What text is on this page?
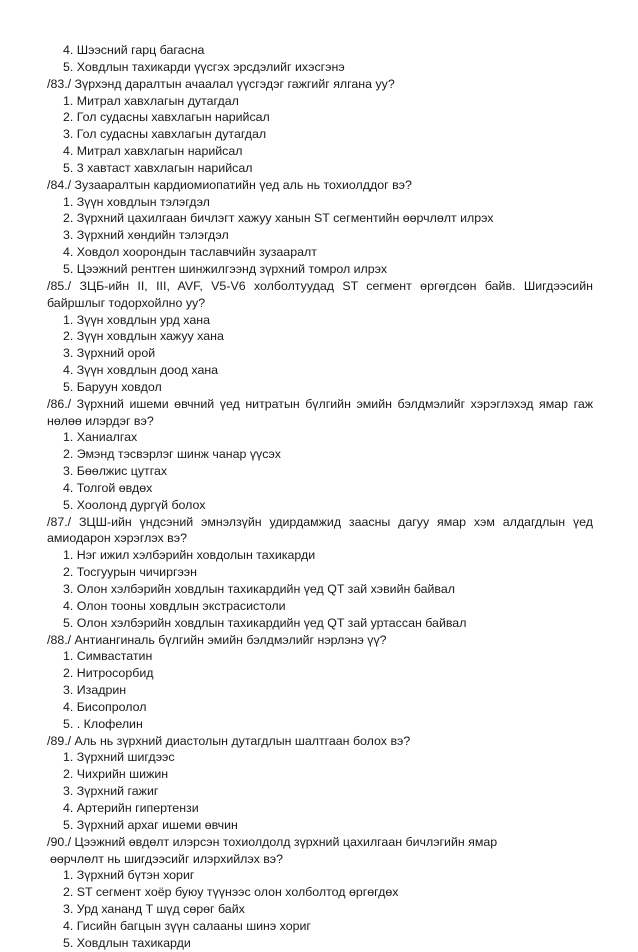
4. Шээсний гарц багасна
5. Ховдлын тахикарди үүсгэх эрсдэлийг ихэсгэнэ
/83./ Зүрхэнд даралтын ачаалал үүсгэдэг гажгийг ялгана уу?
1. Митрал хавхлагын дутагдал
2. Гол судасны хавхлагын нарийсал
3. Гол судасны хавхлагын дутагдал
4. Митрал хавхлагын нарийсал
5. 3 хавтаст хавхлагын нарийсал
/84./ Зузааралтын кардиомиопатийн үед аль нь тохиолддог вэ?
1. Зүүн ховдлын тэлэгдэл
2. Зүрхний цахилгаан бичлэгт хажуу ханын ST сегментийн өөрчлөлт илрэх
3. Зүрхний хөндийн тэлэгдэл
4. Ховдол хоорондын таславчийн зузааралт
5. Цээжний рентген шинжилгээнд зүрхний томрол илрэх
/85./ ЗЦБ-ийн II, III, AVF, V5-V6 холболтуудад ST сегмент өргөгдсөн байв. Шигдээсийн байршлыг тодорхойлно уу?
1. Зүүн ховдлын урд хана
2. Зүүн ховдлын хажуу хана
3. Зүрхний орой
4. Зүүн ховдлын доод хана
5. Баруун ховдол
/86./ Зүрхний ишеми өвчний үед нитратын бүлгийн эмийн бэлдмэлийг хэрэглэхэд ямар гаж нөлөө илэрдэг вэ?
1. Ханиалгах
2. Эмэнд тэсвэрлэг шинж чанар үүсэх
3. Бөөлжис цутгах
4. Толгой өвдөх
5. Хоолонд дургүй болох
/87./ ЗЦШ-ийн үндсэний эмнэлзүйн удирдамжид заасны дагуу ямар хэм алдагдлын үед амиодарон хэрэглэх вэ?
1. Нэг ижил хэлбэрийн ховдолын тахикарди
2. Тосгуурын чичиргээн
3. Олон хэлбэрийн ховдлын тахикардийн үед QT зай хэвийн байвал
4. Олон тооны ховдлын экстрасистоли
5. Олон хэлбэрийн ховдлын тахикардийн үед QT зай уртассан байвал
/88./ Антиангиналь бүлгийн эмийн бэлдмэлийг нэрлэнэ үү?
1. Симвастатин
2. Нитросорбид
3. Изадрин
4. Бисопролол
5. . Клофелин
/89./ Аль нь зүрхний диастолын дутагдлын шалтгаан болох вэ?
1. Зүрхний шигдээс
2. Чихрийн шижин
3. Зүрхний гажиг
4. Артерийн гипертензи
5. Зүрхний архаг ишеми өвчин
/90./ Цээжний өвдөлт илэрсэн тохиолдолд зүрхний цахилгаан бичлэгийн ямар
өөрчлөлт нь шигдээсийг илэрхийлэх вэ?
1. Зүрхний бүтэн хориг
2. ST сегмент хоёр буюу түүнээс олон холболтод өргөгдөх
3. Урд хананд T шүд сөрөг байх
4. Гисийн багцын зүүн салааны шинэ хориг
5. Ховдлын тахикарди
